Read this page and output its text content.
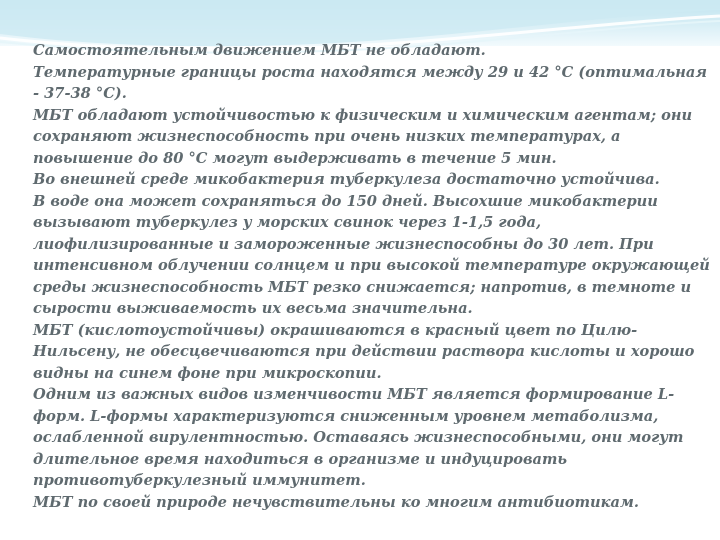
Самостоятельным движением МБТ не обладают.

Температурные границы роста находятся между 29 и 42 °С (оптимальная - 37-38 °С).

МБТ обладают устойчивостью к физическим и химическим агентам; они сохраняют жизнеспособность при очень низких температурах, а повышение до 80 °С могут выдерживать в течение 5 мин.

Во внешней среде микобактерия туберкулеза достаточно устойчива.

В воде она может сохраняться до 150 дней. Высохшие микобактерии вызывают туберкулез у морских свинок через 1-1,5 года, лиофилизированные и замороженные жизнеспособны до 30 лет. При интенсивном облучении солнцем и при высокой температуре окружающей среды жизнеспособность МБТ резко снижается; напротив, в темноте и сырости выживаемость их весьма значительна.

МБТ (кислотоустойчивы) окрашиваются в красный цвет по Цилю-Нильсену, не обесцвечиваются при действии раствора кислоты и хорошо видны на синем фоне при микроскопии.

Одним из важных видов изменчивости МБТ является формирование L-форм. L-формы характеризуются сниженным уровнем метаболизма, ослабленной вирулентностью. Оставаясь жизнеспособными, они могут длительное время находиться в организме и индуцировать противотуберкулезный иммунитет.

МБТ по своей природе нечувствительны ко многим антибиотикам.
